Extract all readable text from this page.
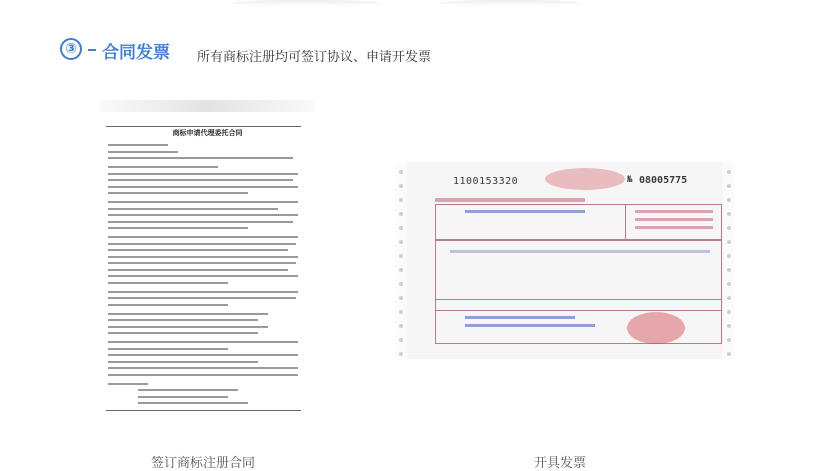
③ 合同发票 所有商标注册均可签订协议、申请开发票
商标申请代理委托合同
1100153320	№ 08005775
签订商标注册合同	开具发票
